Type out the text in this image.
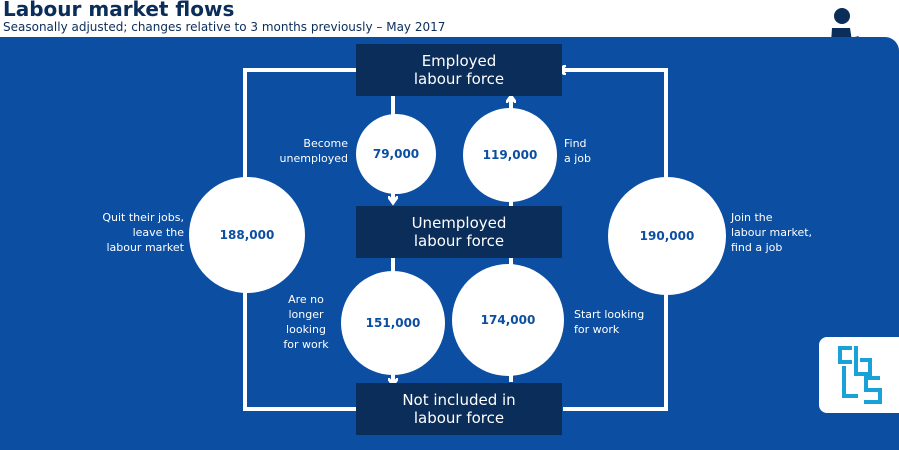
Labour market flows
Seasonally adjusted; changes relative to 3 months previously – May 2017
Employed
labour force
Unemployed
labour force
Not included in
labour force
79,000	119,000
188,000	190,000
151,000	174,000
Become
unemployed
Find
a job
Quit their jobs,
leave the
labour market
Join the
labour market,
find a job
Are no
longer
looking
for work
Start looking
for work
